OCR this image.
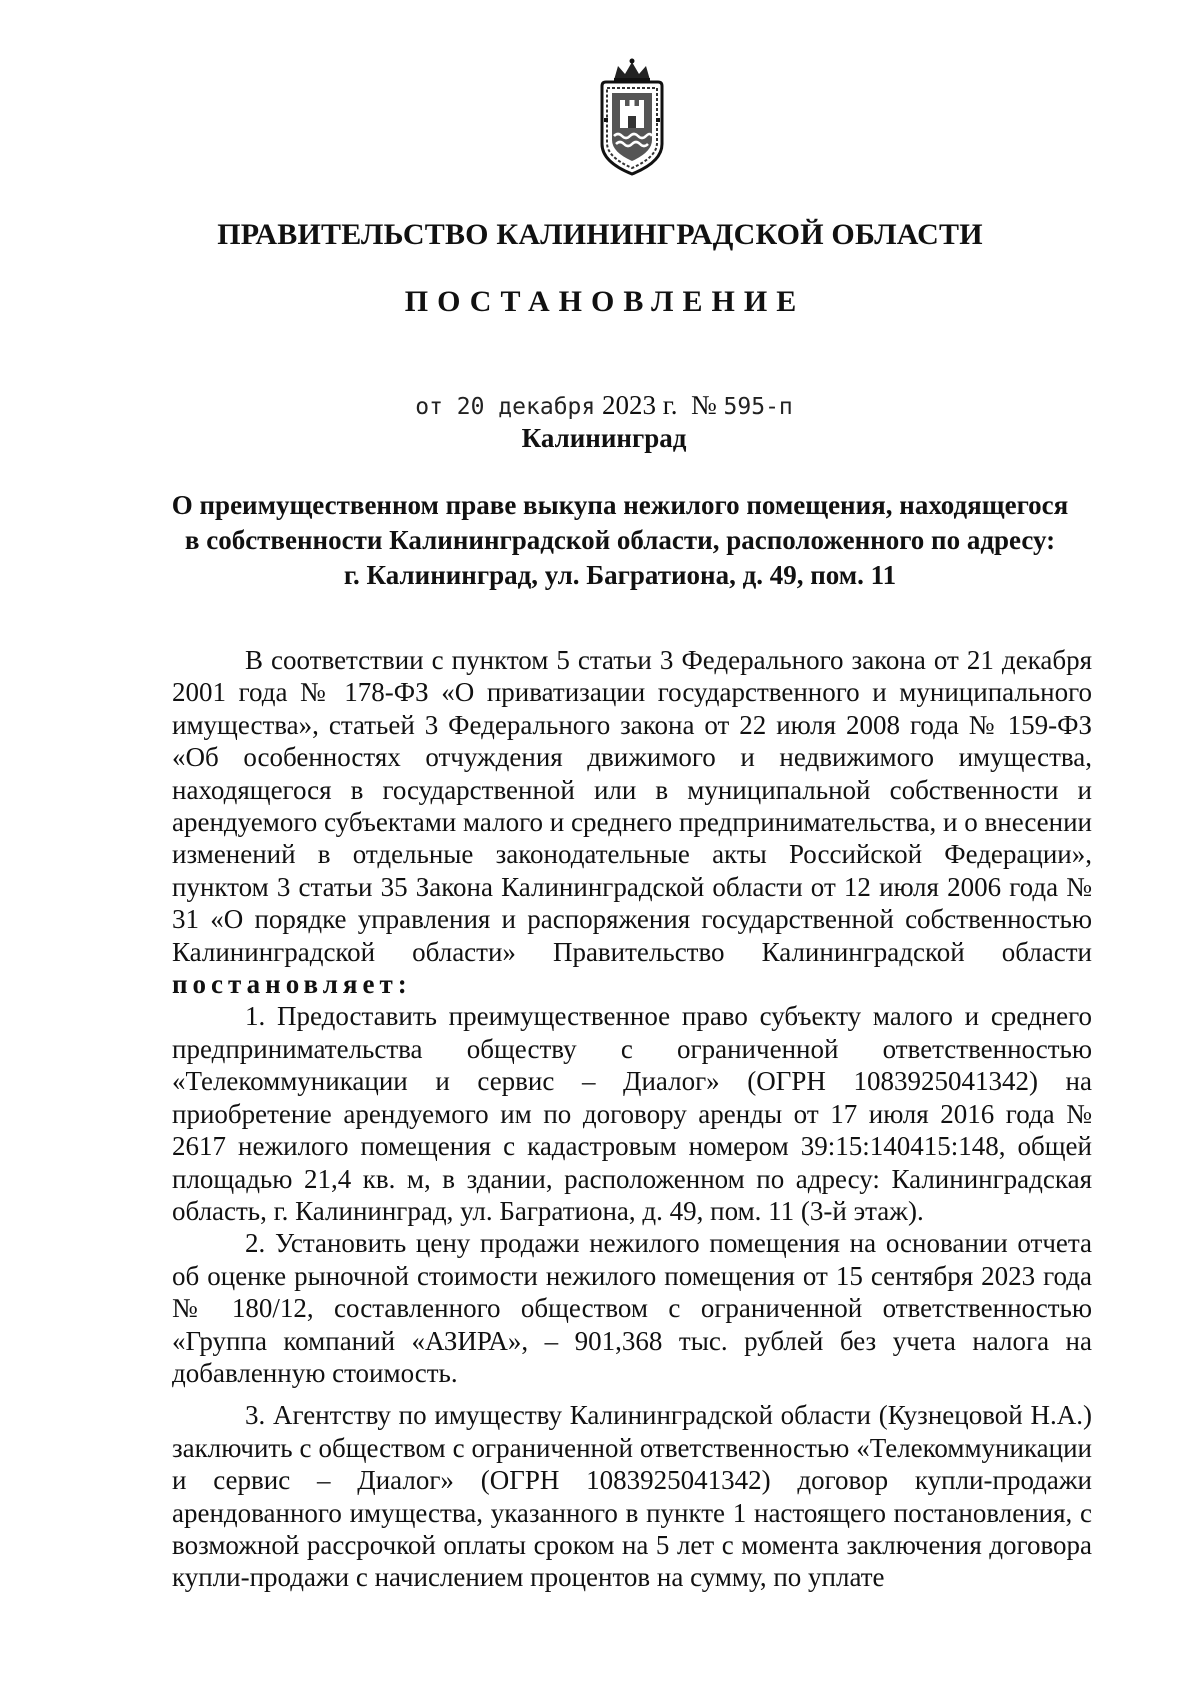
ПРАВИТЕЛЬСТВО КАЛИНИНГРАДСКОЙ ОБЛАСТИ
ПОСТАНОВЛЕНИЕ
от 20 декабря 2023 г. № 595-п
Калининград
О преимущественном праве выкупа нежилого помещения, находящегося
в собственности Калининградской области, расположенного по адресу:
г. Калининград, ул. Багратиона, д. 49, пом. 11

В соответствии с пунктом 5 статьи 3 Федерального закона от 21 декабря 2001 года № 178-ФЗ «О приватизации государственного и муниципального имущества», статьей 3 Федерального закона от 22 июля 2008 года № 159-ФЗ «Об особенностях отчуждения движимого и недвижимого имущества, находящегося в государственной или в муниципальной собственности и арендуемого субъектами малого и среднего предпринимательства, и о внесении изменений в отдельные законодательные акты Российской Федерации», пунктом 3 статьи 35 Закона Калининградской области от 12 июля 2006 года № 31 «О порядке управления и распоряжения государственной собственностью Калининградской области» Правительство Калининградской области постановляет:

1. Предоставить преимущественное право субъекту малого и среднего предпринимательства обществу с ограниченной ответственностью «Телекоммуникации и сервис – Диалог» (ОГРН 1083925041342) на приобретение арендуемого им по договору аренды от 17 июля 2016 года № 2617 нежилого помещения с кадастровым номером 39:15:140415:148, общей площадью 21,4 кв. м, в здании, расположенном по адресу: Калининградская область, г. Калининград, ул. Багратиона, д. 49, пом. 11 (3-й этаж).

2. Установить цену продажи нежилого помещения на основании отчета об оценке рыночной стоимости нежилого помещения от 15 сентября 2023 года № 180/12, составленного обществом с ограниченной ответственностью «Группа компаний «АЗИРА», – 901,368 тыс. рублей без учета налога на добавленную стоимость.

3. Агентству по имуществу Калининградской области (Кузнецовой Н.А.) заключить с обществом с ограниченной ответственностью «Телекоммуникации и сервис – Диалог» (ОГРН 1083925041342) договор купли-продажи арендованного имущества, указанного в пункте 1 настоящего постановления, с возможной рассрочкой оплаты сроком на 5 лет с момента заключения договора купли-продажи с начислением процентов на сумму, по уплате
